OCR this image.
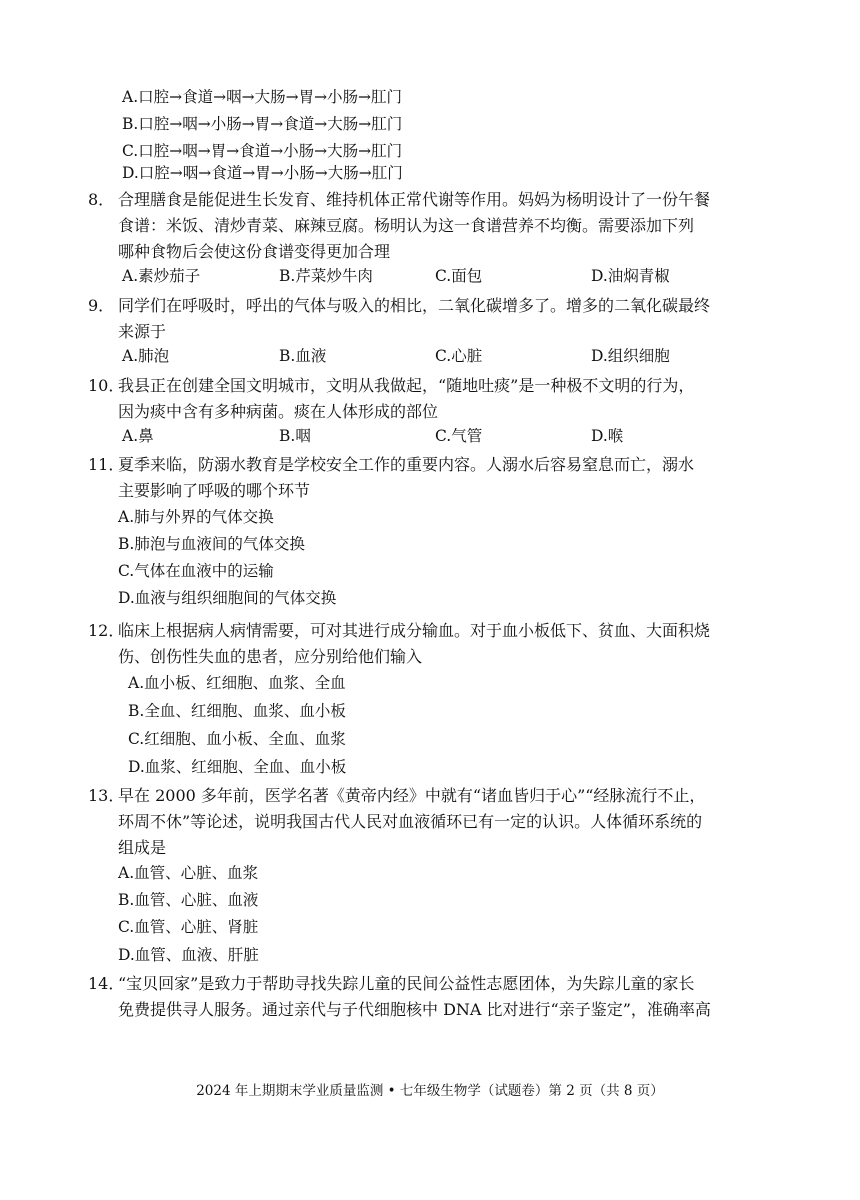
A.口腔→食道→咽→大肠→胃→小肠→肛门
B.口腔→咽→小肠→胃→食道→大肠→肛门
C.口腔→咽→胃→食道→小肠→大肠→肛门
D.口腔→咽→食道→胃→小肠→大肠→肛门
8． 合理膳食是能促进生长发育、维持机体正常代谢等作用。妈妈为杨明设计了一份午餐
食谱：米饭、清炒青菜、麻辣豆腐。杨明认为这一食谱营养不均衡。需要添加下列
哪种食物后会使这份食谱变得更加合理
A.素炒茄子	B.芹菜炒牛肉	C.面包	D.油焖青椒
9． 同学们在呼吸时，呼出的气体与吸入的相比，二氧化碳增多了。增多的二氧化碳最终
来源于
A.肺泡	B.血液	C.心脏	D.组织细胞
10．
我县正在创建全国文明城市，文明从我做起，“随地吐痰”是一种极不文明的行为，
因为痰中含有多种病菌。痰在人体形成的部位
A.鼻	B.咽	C.气管	D.喉
11．
夏季来临，防溺水教育是学校安全工作的重要内容。人溺水后容易窒息而亡，溺水
主要影响了呼吸的哪个环节
A.肺与外界的气体交换
B.肺泡与血液间的气体交换
C.气体在血液中的运输
D.血液与组织细胞间的气体交换
12．
临床上根据病人病情需要，可对其进行成分输血。对于血小板低下、贫血、大面积烧
伤、创伤性失血的患者，应分别给他们输入
A.血小板、红细胞、血浆、全血
B.全血、红细胞、血浆、血小板
C.红细胞、血小板、全血、血浆
D.血浆、红细胞、全血、血小板
13．
早在 2000 多年前，医学名著《黄帝内经》中就有“诸血皆归于心”“经脉流行不止，
环周不休”等论述，说明我国古代人民对血液循环已有一定的认识。人体循环系统的
组成是
A.血管、心脏、血浆
B.血管、心脏、血液
C.血管、心脏、肾脏
D.血管、血液、肝脏
14．
“宝贝回家”是致力于帮助寻找失踪儿童的民间公益性志愿团体，为失踪儿童的家长
免费提供寻人服务。通过亲代与子代细胞核中 DNA 比对进行“亲子鉴定”，准确率高
2024 年上期期末学业质量监测 • 七年级生物学（试题卷）第 2 页（共 8 页）
